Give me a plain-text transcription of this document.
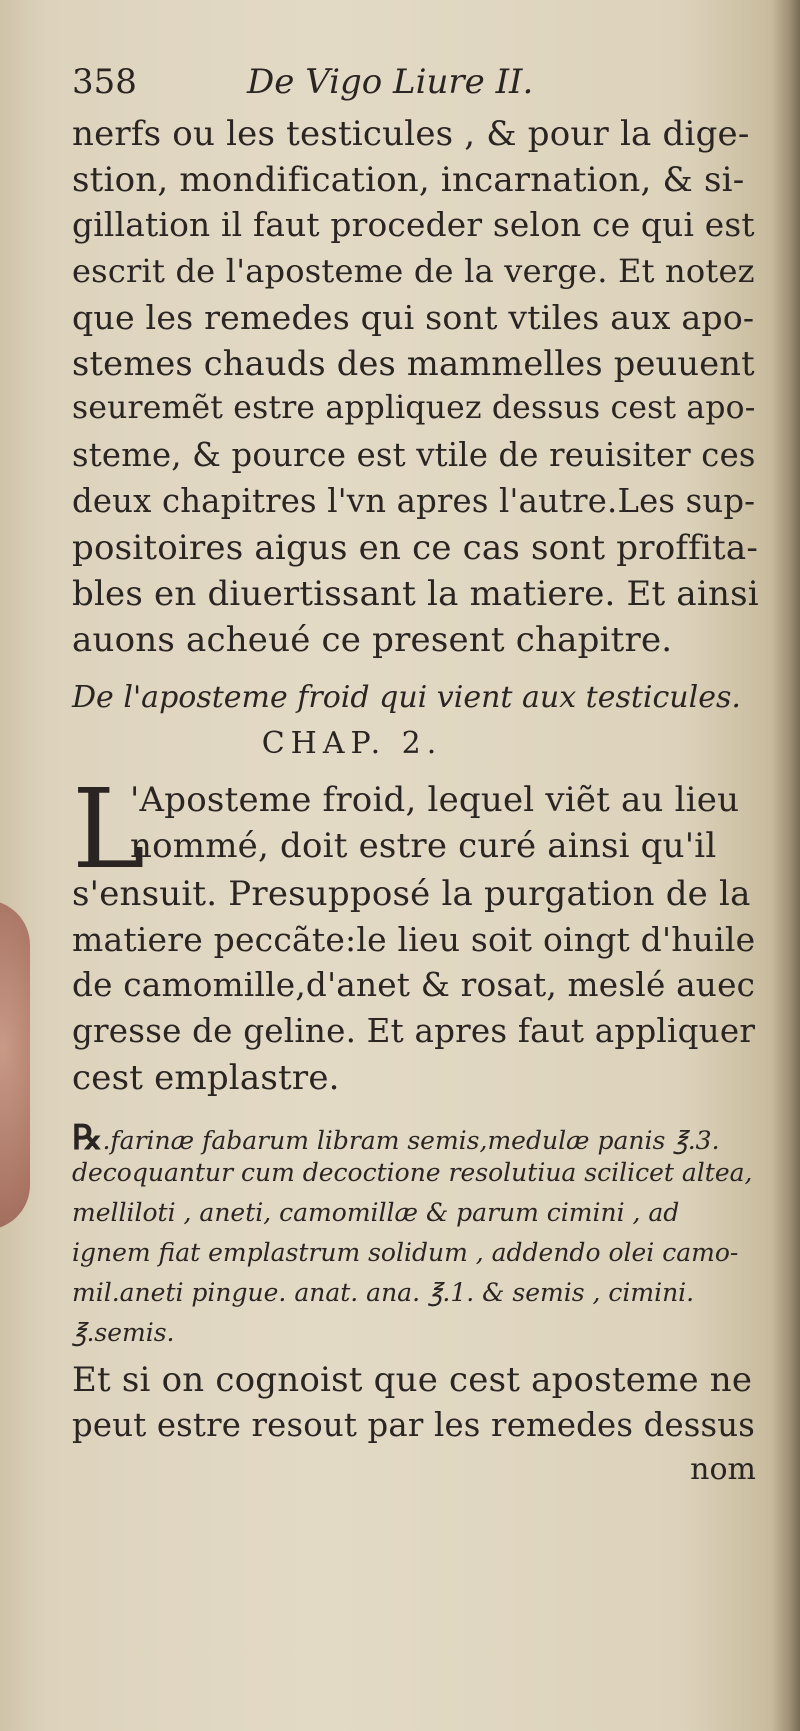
358	De Vigo Liure II.
nerfs ou les testicules , & pour la dige-
stion, mondification, incarnation, & si-
gillation il faut proceder selon ce qui est
escrit de l'aposteme de la verge. Et notez
que les remedes qui sont vtiles aux apo-
stemes chauds des mammelles peuuent
seuremẽt estre appliquez dessus cest apo-
steme, & pource est vtile de reuisiter ces
deux chapitres l'vn apres l'autre.Les sup-
positoires aigus en ce cas sont proffita-
bles en diuertissant la matiere. Et ainsi
auons acheué ce present chapitre.
De l'aposteme froid qui vient aux testicules.
CHAP. 2.
L
'Aposteme froid, lequel viẽt au lieu
nommé, doit estre curé ainsi qu'il
s'ensuit. Presupposé la purgation de la
matiere peccãte:le lieu soit oingt d'huile
de camomille,d'anet & rosat, meslé auec
gresse de geline. Et apres faut appliquer
cest emplastre.
℞.farinæ fabarum libram semis,medulæ panis ℥.3.
decoquantur cum decoctione resolutiua scilicet altea,
melliloti , aneti, camomillæ & parum cimini , ad
ignem fiat emplastrum solidum , addendo olei camo-
mil.aneti pingue. anat. ana. ℥.1. & semis , cimini.
℥.semis.
Et si on cognoist que cest aposteme ne
peut estre resout par les remedes dessus
nom
